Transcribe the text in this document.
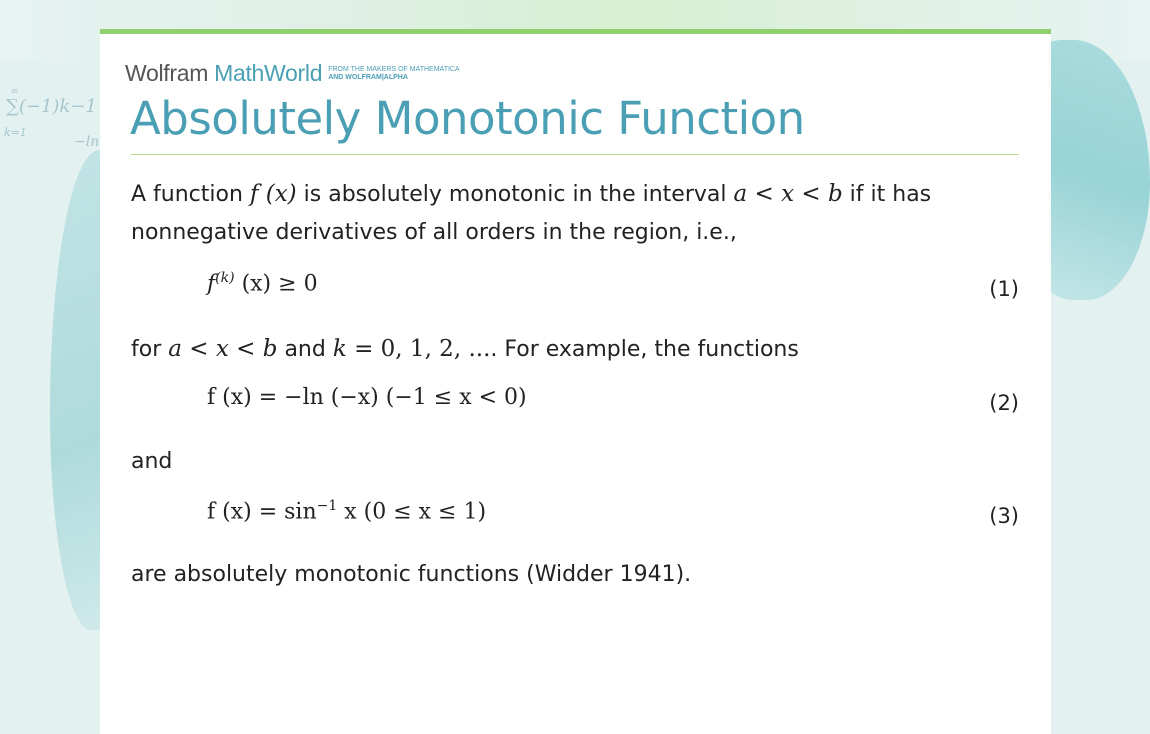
∞
∑(−1)k−1
k=1
−ln
Wolfram MathWorld FROM THE MAKERS OF MATHEMATICA
AND WOLFRAM|ALPHA
Absolutely Monotonic Function
A function f (x) is absolutely monotonic in the interval a < x < b if it has nonnegative derivatives of all orders in the region, i.e.,
$f^{(k)}$ (x) ≥ 0	(1)
for a < x < b and k = 0, 1, 2, .... For example, the functions
f (x) = −ln (−x) (−1 ≤ x < 0)	(2)
and
f $(x) = \sin^{-1} x$ (0 ≤ x ≤ 1)	(3)
are absolutely monotonic functions (Widder 1941).
